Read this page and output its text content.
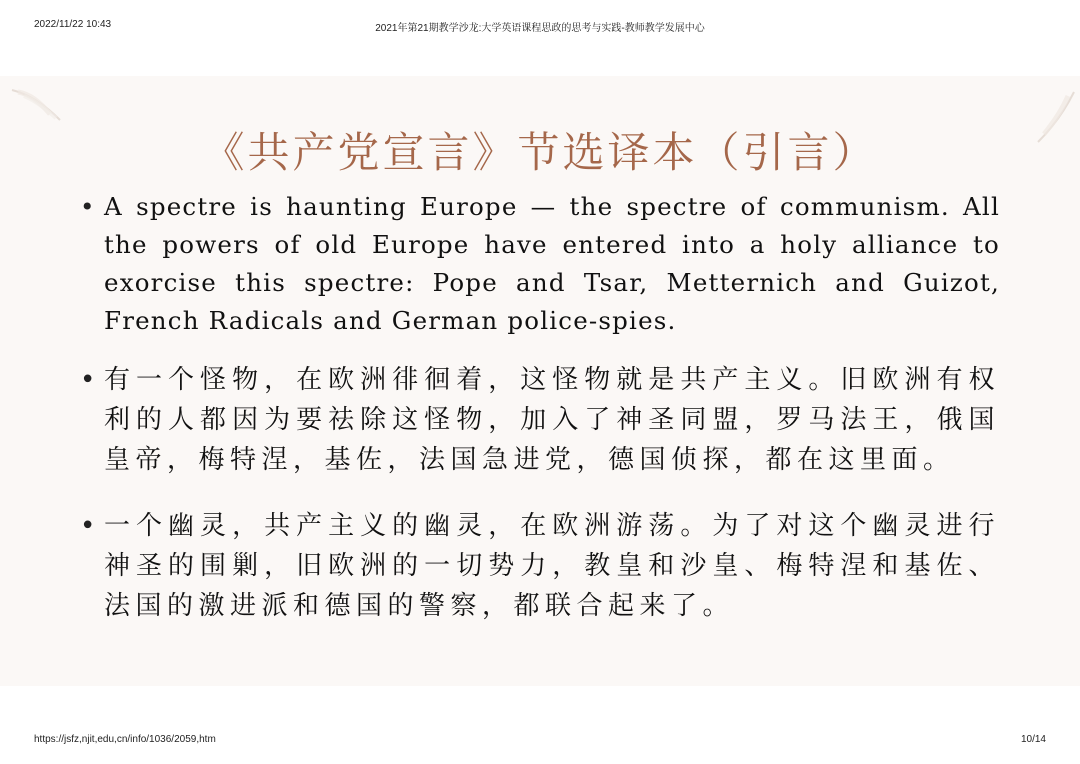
2022/11/22 10:43	2021年第21期教学沙龙:大学英语课程思政的思考与实践-教师教学发展中心
《共产党宣言》节选译本（引言）
• A spectre is haunting Europe — the spectre of communism. All the powers of old Europe have entered into a holy alliance to exorcise this spectre: Pope and Tsar, Metternich and Guizot, French Radicals and German police-spies.
• 有一个怪物，在欧洲徘徊着，这怪物就是共产主义。旧欧洲有权利的人都因为要祛除这怪物，加入了神圣同盟，罗马法王，俄国皇帝，梅特涅，基佐，法国急进党，德国侦探，都在这里面。
• 一个幽灵，共产主义的幽灵，在欧洲游荡。为了对这个幽灵进行神圣的围剿，旧欧洲的一切势力，教皇和沙皇、梅特涅和基佐、法国的激进派和德国的警察，都联合起来了。
https://jsfz,njit,edu,cn/info/1036/2059,htm	10/14
